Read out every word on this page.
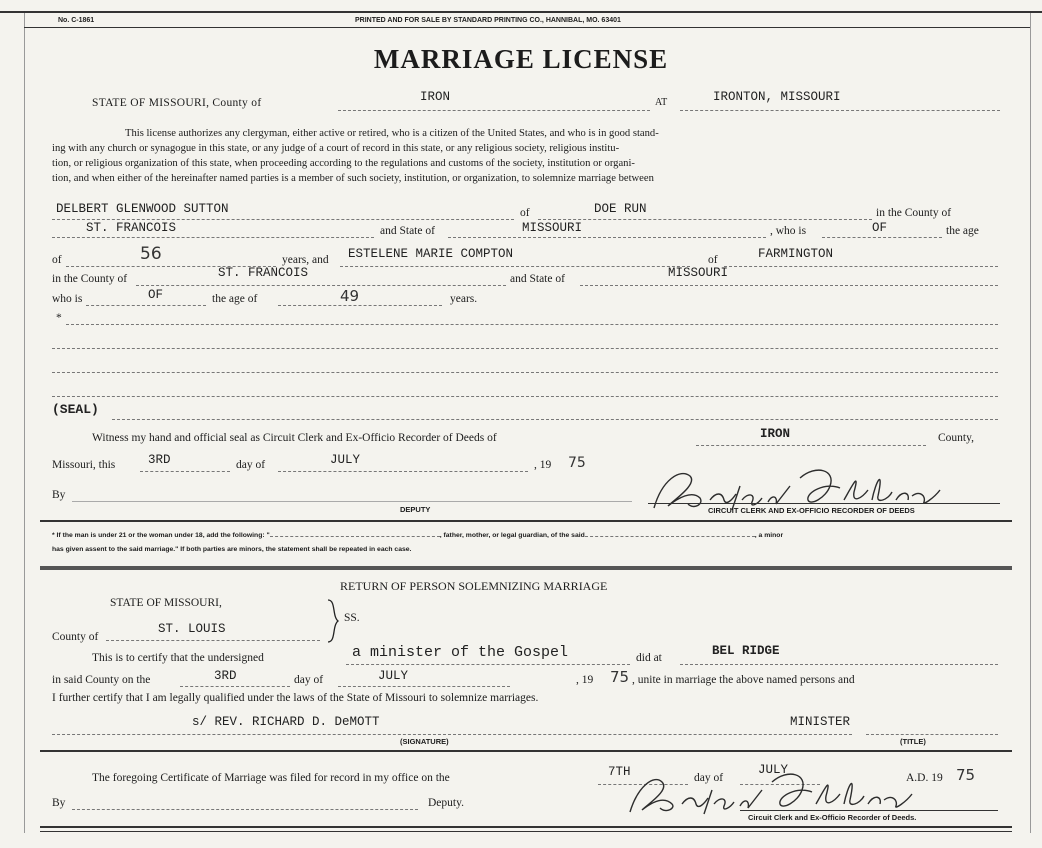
No. C-1861	PRINTED AND FOR SALE BY STANDARD PRINTING CO., HANNIBAL, MO. 63401
MARRIAGE LICENSE
STATE OF MISSOURI, County of	IRON	AT	IRONTON, MISSOURI
This license authorizes any clergyman, either active or retired, who is a citizen of the United States, and who is in good stand-
ing with any church or synagogue in this state, or any judge of a court of record in this state, or any religious society, religious institu-
tion, or religious organization of this state, when proceeding according to the regulations and customs of the society, institution or organi-
tion, and when either of the hereinafter named parties is a member of such society, institution, or organization, to solemnize marriage between
DELBERT GLENWOOD SUTTON	of	DOE RUN	in the County of
ST. FRANCOIS	and State of	MISSOURI	, who is	OF	the age
of	56	years, and ESTELENE MARIE COMPTON	of	FARMINGTON
in the County of	ST. FRANCOIS	and State of	MISSOURI
who is	OF	the age of	49	years.
*
(SEAL)
Witness my hand and official seal as Circuit Clerk and Ex-Officio Recorder of Deeds of	IRON	County,
Missouri, this	3RD	day of	JULY	, 19 75
By
DEPUTY	CIRCUIT CLERK AND EX-OFFICIO RECORDER OF DEEDS
* If the man is under 21 or the woman under 18, add the following: "	, father, mother, or legal guardian, of the said	, a minor
has given assent to the said marriage." If both parties are minors, the statement shall be repeated in each case.
RETURN OF PERSON SOLEMNIZING MARRIAGE
STATE OF MISSOURI,
SS.
County of
ST. LOUIS
This is to certify that the undersigned	a minister of the Gospel	did at	BEL RIDGE
in said County on the	3RD	day of	JULY	, 19 75 , unite in marriage the above named persons and
I further certify that I am legally qualified under the laws of the State of Missouri to solemnize marriages.
s/ REV. RICHARD D. DeMOTT	MINISTER
(SIGNATURE)	(TITLE)
The foregoing Certificate of Marriage was filed for record in my office on the	7TH	day of
JULY
A.D. 19 75
By	Deputy.
Circuit Clerk and Ex-Officio Recorder of Deeds.
